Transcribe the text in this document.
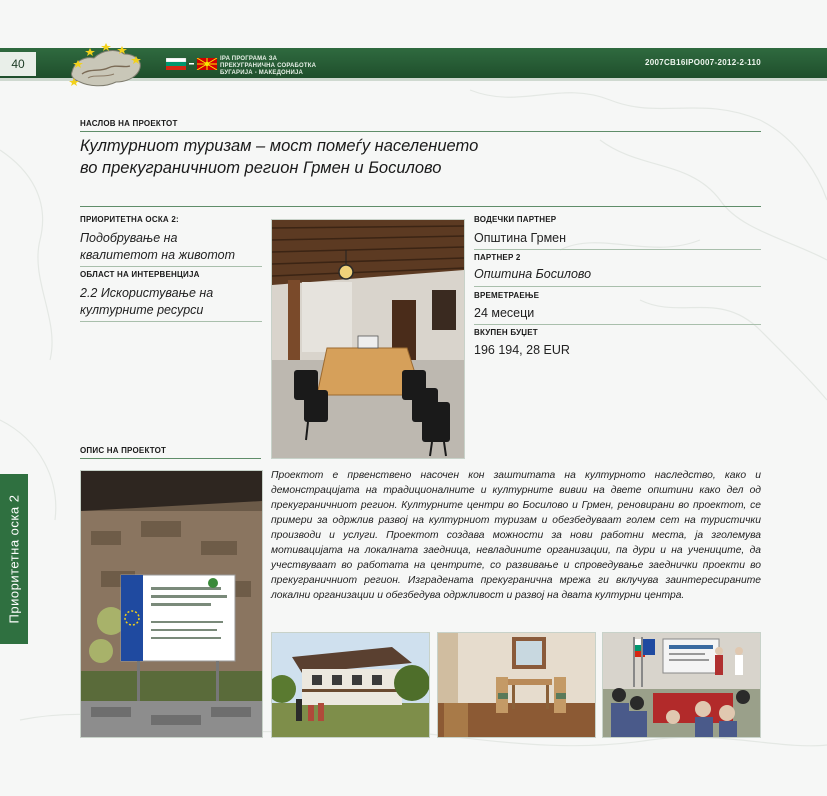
40	IPA ПРОГРАМА ЗА ПРЕКУГРАНИЧНА СОРАБОТКА БУГАРИЈА - МАКЕДОНИЈА
2007CB16IPO007-2012-2-110
Приоритетна оска 2
НАСЛОВ НА ПРОЕКТОТ
Културниот туризам – мост помеѓу населението
во прекуграничниот регион Грмен и Босилово
ПРИОРИТЕТНА ОСКА 2:
Подобрување на
квалитетот на животот
ОБЛАСТ НА ИНТЕРВЕНЦИЈА
2.2 Искористување на
културните ресурси
ВОДЕЧКИ ПАРТНЕР
Општина Грмен
ПАРТНЕР 2
Општина Босилово
ВРЕМЕТРАЕЊЕ
24 месеци
ВКУПЕН БУЏЕТ
196 194, 28 EUR
ОПИС НА ПРОЕКТОТ
Проектот е првенствено насочен кон заштитата на културното наследство, како и демонстрацијата на традиционалните и културните вивии на двете општини како дел од прекуграничниот регион. Културните центри во Босилово и Грмен, реновирани во проектот, се примери за одржлив развој на културниот туризам и обезбедуваат голем сет на туристички производи и услуги. Проектот создава можности за нови работни места, ја зголемува мотивацијата на локалната заедница, невладините организации, па дури и на учениците, да учествуваат во работата на центрите, со развивање и спроведување заеднички проекти во прекуграничниот регион. Изградената прекугранична мрежа ги вклучува заинтересираните локални организации и обезбедува одржливост и развој на двата културни центра.
